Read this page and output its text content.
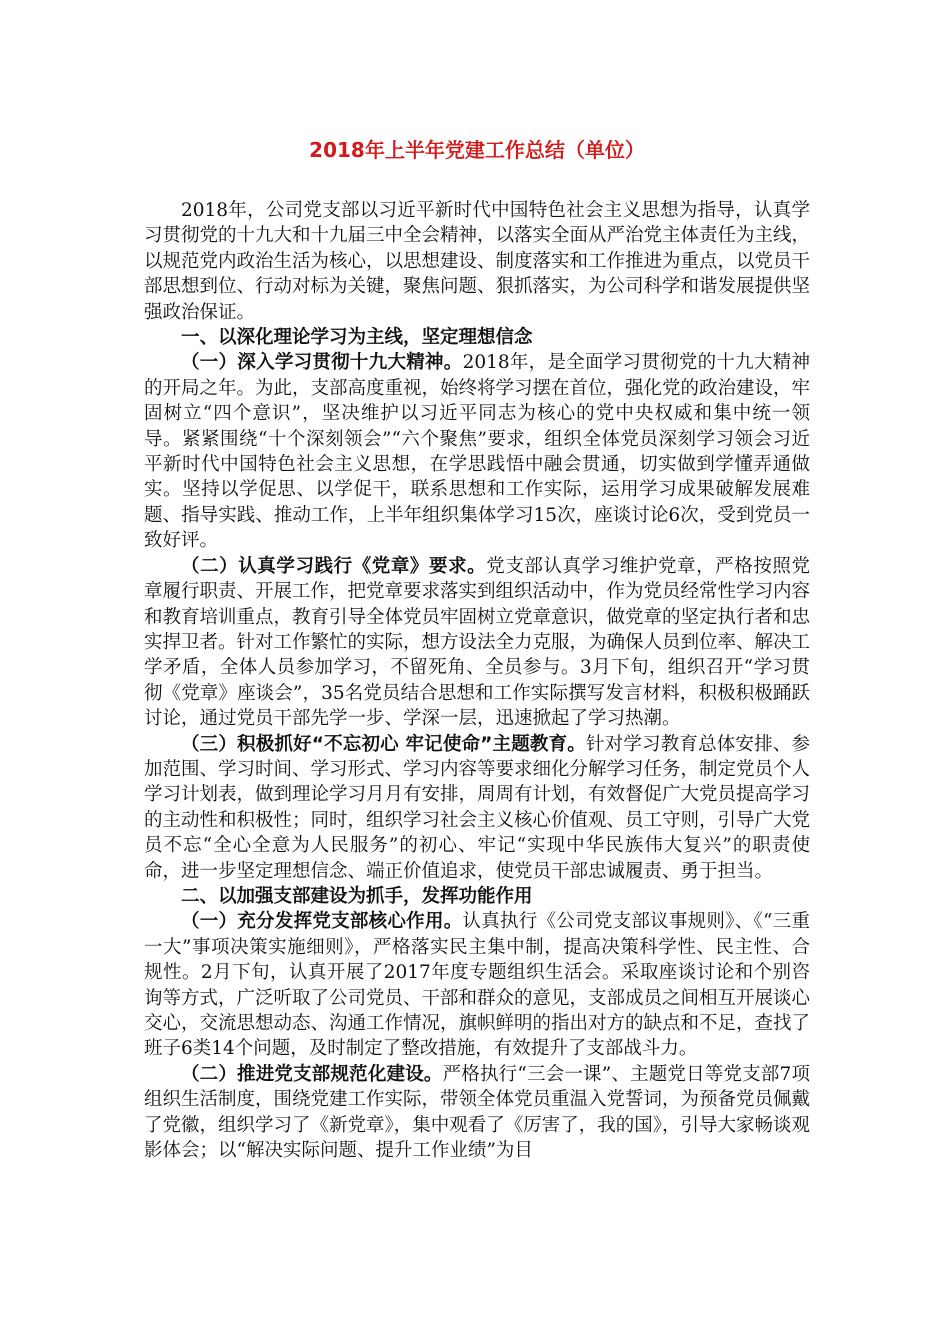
2018年上半年党建工作总结（单位）

2018年，公司党支部以习近平新时代中国特色社会主义思想为指导，认真学习贯彻党的十九大和十九届三中全会精神，以落实全面从严治党主体责任为主线，以规范党内政治生活为核心，以思想建设、制度落实和工作推进为重点，以党员干部思想到位、行动对标为关键，聚焦问题、狠抓落实，为公司科学和谐发展提供坚强政治保证。

一、以深化理论学习为主线，坚定理想信念

（一）深入学习贯彻十九大精神。2018年，是全面学习贯彻党的十九大精神的开局之年。为此，支部高度重视，始终将学习摆在首位，强化党的政治建设，牢固树立“四个意识”，坚决维护以习近平同志为核心的党中央权威和集中统一领导。紧紧围绕“十个深刻领会”“六个聚焦”要求，组织全体党员深刻学习领会习近平新时代中国特色社会主义思想，在学思践悟中融会贯通，切实做到学懂弄通做实。坚持以学促思、以学促干，联系思想和工作实际，运用学习成果破解发展难题、指导实践、推动工作，上半年组织集体学习15次，座谈讨论6次，受到党员一致好评。

（二）认真学习践行《党章》要求。党支部认真学习维护党章，严格按照党章履行职责、开展工作，把党章要求落实到组织活动中，作为党员经常性学习内容和教育培训重点，教育引导全体党员牢固树立党章意识，做党章的坚定执行者和忠实捍卫者。针对工作繁忙的实际，想方设法全力克服，为确保人员到位率、解决工学矛盾，全体人员参加学习，不留死角、全员参与。3月下旬，组织召开“学习贯彻《党章》座谈会”，35名党员结合思想和工作实际撰写发言材料，积极积极踊跃讨论，通过党员干部先学一步、学深一层，迅速掀起了学习热潮。

（三）积极抓好“不忘初心 牢记使命”主题教育。针对学习教育总体安排、参加范围、学习时间、学习形式、学习内容等要求细化分解学习任务，制定党员个人学习计划表，做到理论学习月月有安排，周周有计划，有效督促广大党员提高学习的主动性和积极性；同时，组织学习社会主义核心价值观、员工守则，引导广大党员不忘“全心全意为人民服务”的初心、牢记“实现中华民族伟大复兴”的职责使命，进一步坚定理想信念、端正价值追求，使党员干部忠诚履责、勇于担当。

二、以加强支部建设为抓手，发挥功能作用

（一）充分发挥党支部核心作用。认真执行《公司党支部议事规则》、《“三重一大”事项决策实施细则》，严格落实民主集中制，提高决策科学性、民主性、合规性。2月下旬，认真开展了2017年度专题组织生活会。采取座谈讨论和个别咨询等方式，广泛听取了公司党员、干部和群众的意见，支部成员之间相互开展谈心交心，交流思想动态、沟通工作情况，旗帜鲜明的指出对方的缺点和不足，查找了班子6类14个问题，及时制定了整改措施，有效提升了支部战斗力。

（二）推进党支部规范化建设。严格执行“三会一课”、主题党日等党支部7项组织生活制度，围绕党建工作实际，带领全体党员重温入党誓词，为预备党员佩戴了党徽，组织学习了《新党章》，集中观看了《厉害了，我的国》，引导大家畅谈观影体会；以“解决实际问题、提升工作业绩”为目
